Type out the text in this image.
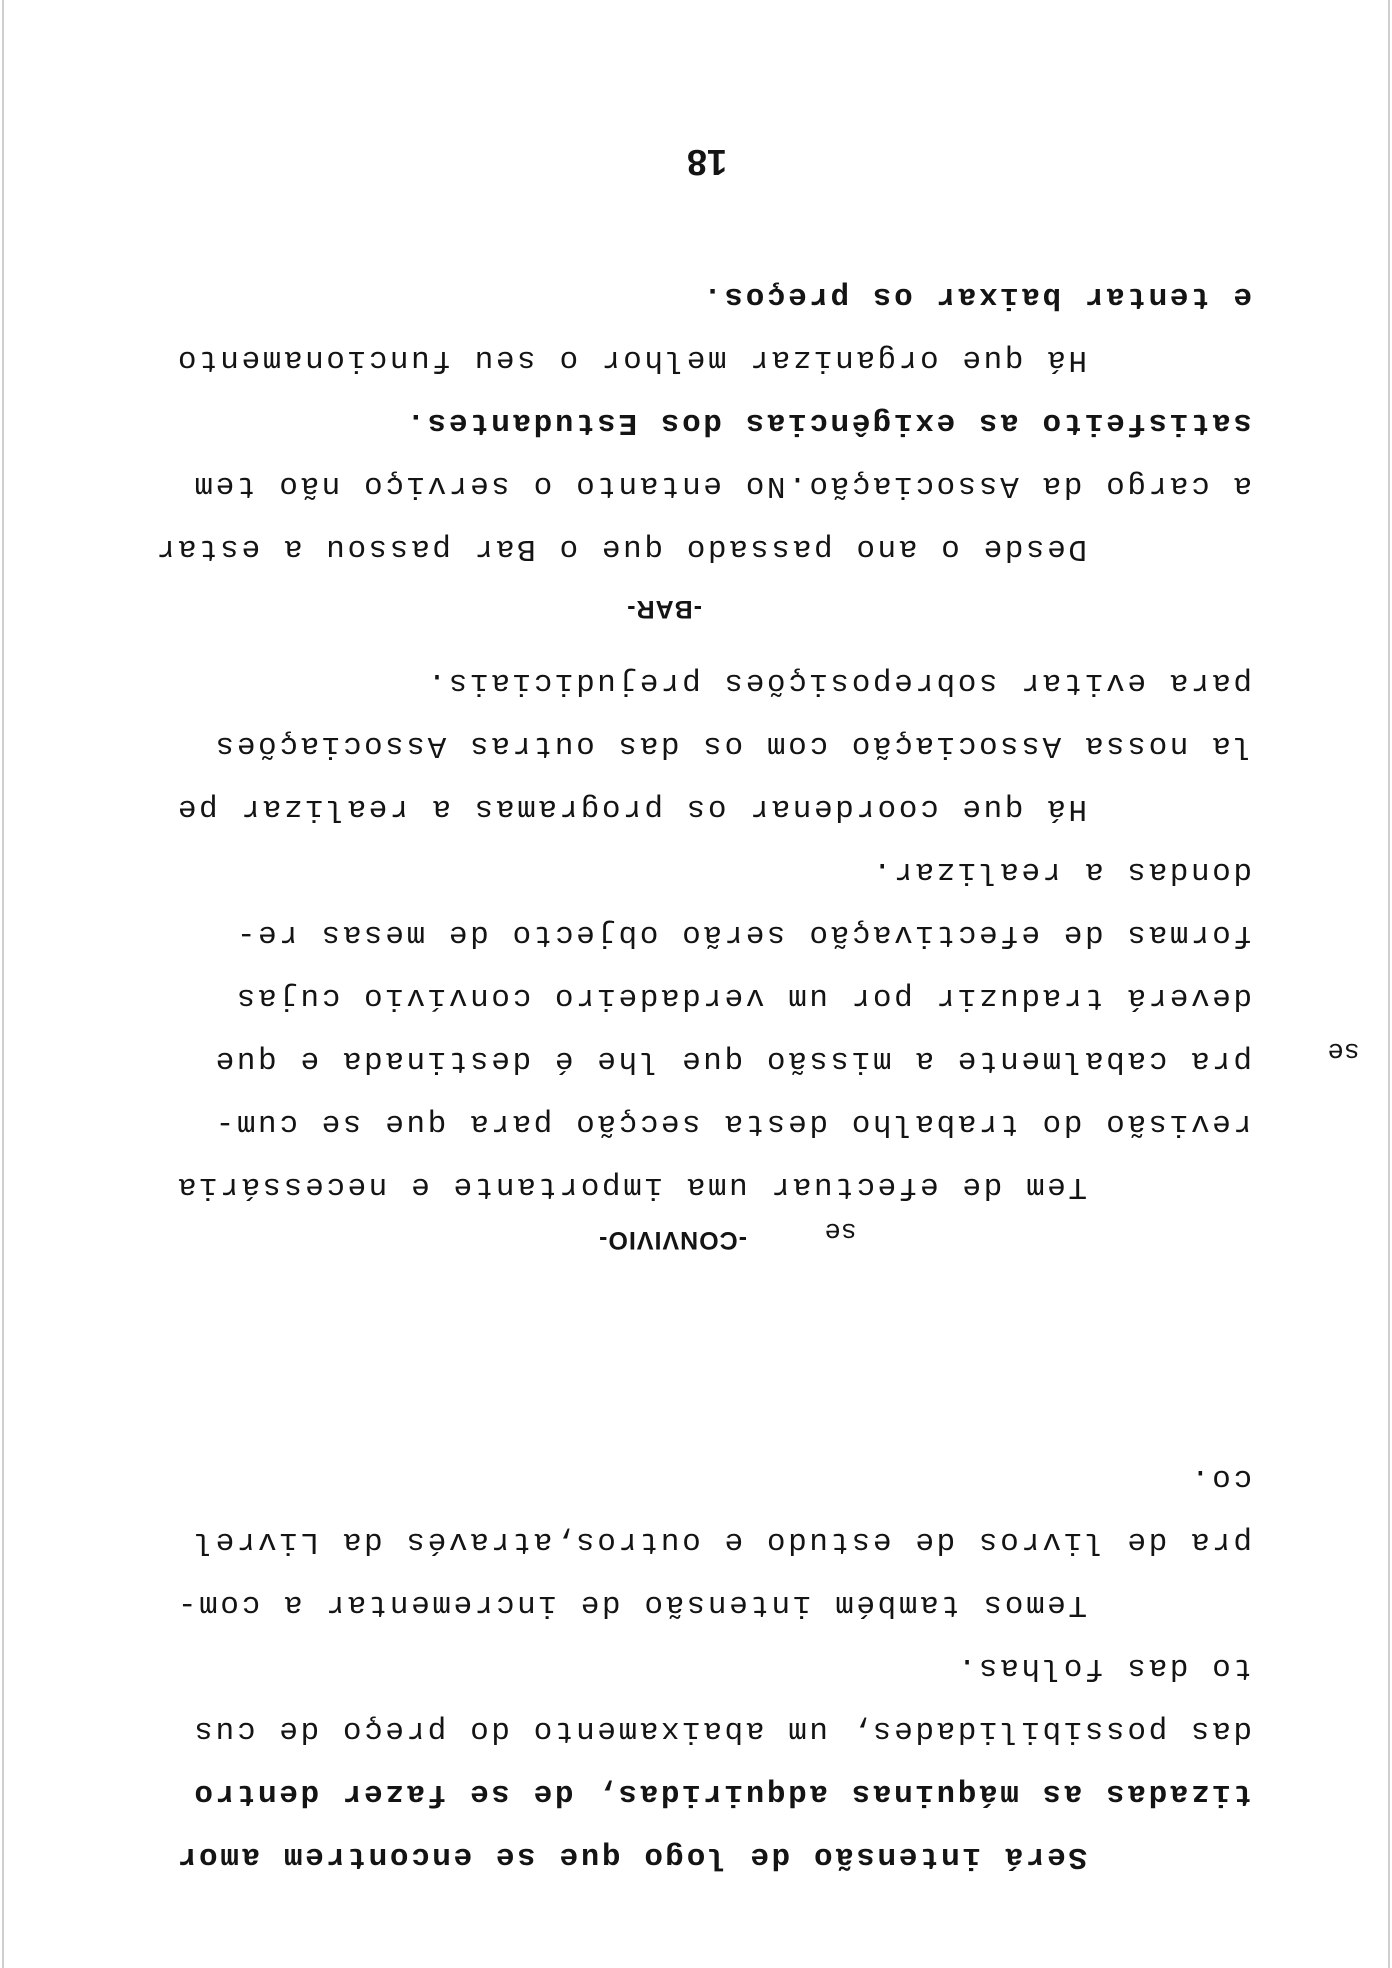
Será intensão de logo que se encontrem amor
tizadas as máquinas adquiridas, de se fazer dentro
das possibilidades, um abaixamento do preço de cus
to das folhas.
Temos também intensão de incrementar a com-
pra de livros de estudo e outros,através da Livrel
co.
-CONVIVIO-
Tem de efectuar uma importante e necessária
revisão do trabalho desta secção para que se cum-
pra cabalmente a missão que lhe é destinada e que
deverá traduzir por um verdadeiro convívio cujas
formas de efectivação serão objecto de mesas re-
dondas a realizar.
Há que coordenar os programas a realizar pe
la nossa Associação com os das outras Associações
para evitar sobreposições prejudiciais.
se
se
-BAR-
Desde o ano passado que o Bar passou a estar
a cargo da Associação.No entanto o serviço não tem
satisfeito as exigências dos Estudantes.
Há que organizar melhor o seu funcionamento
e tentar baixar os preços.
18
